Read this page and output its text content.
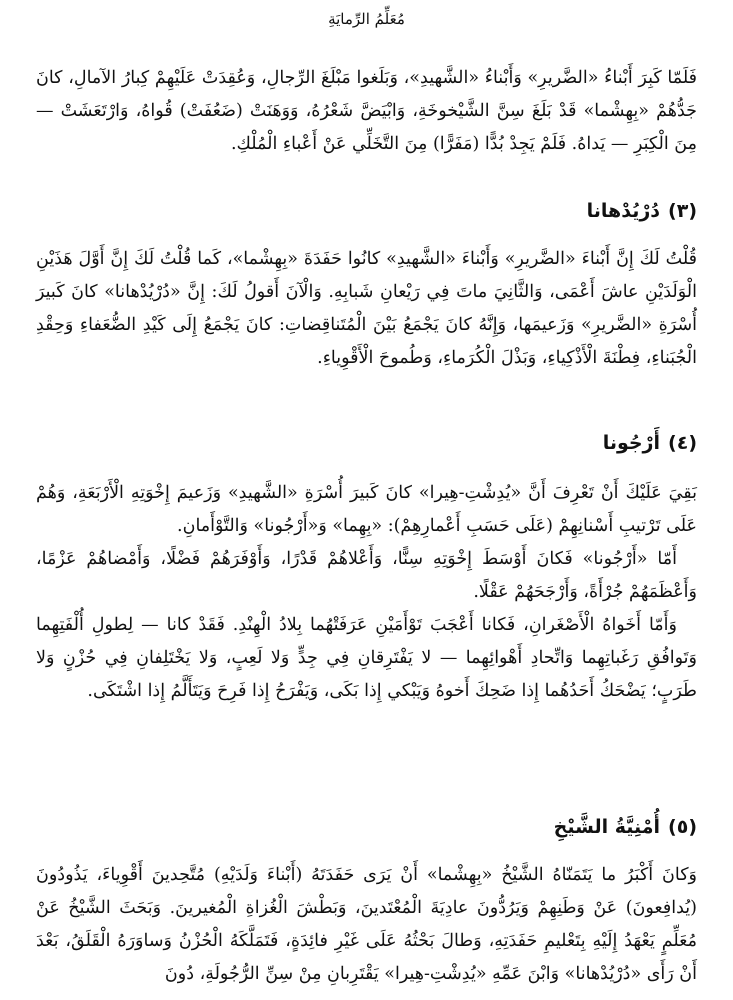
مُعَلِّمُ الرِّمايَةِ

فَلَمّا كَبِرَ أَبْناءُ «الضَّريرِ» وَأَبْناءُ «الشَّهيدِ»، وَبَلَغوا مَبْلَغَ الرِّجالِ، وَعُقِدَتْ عَلَيْهِمْ كِبارُ الآمالِ، كانَ جَدُّهُمْ «بِهِشْما» قَدْ بَلَغَ سِنَّ الشَّيْخوخَةِ، وَابْيَضَّ شَعْرُهُ، وَوَهَنَتْ (ضَعُفَتْ) قُواهُ، وَارْتَعَشَتْ — مِنَ الْكِبَرِ — يَداهُ. فَلَمْ يَجِدْ بُدًّا (مَفَرًّا) مِنَ التَّخَلِّي عَنْ أَعْباءِ الْمُلْكِ.

(٣)دُرْيُدْهانا

قُلْتُ لَكَ إِنَّ أَبْناءَ «الضَّريرِ» وَأَبْناءَ «الشَّهيدِ» كانُوا حَفَدَةَ «بِهِشْما»، كَما قُلْتُ لَكَ إِنَّ أَوَّلَ هَذَيْنِ الْوَلَدَيْنِ عاشَ أَعْمَى، وَالثَّانِيَ ماتَ فِي رَيْعانِ شَبابِهِ. وَالْآنَ أَقولُ لَكَ: إِنَّ «دُرْيُدْهانا» كانَ كَبيرَ أُسْرَةِ «الضَّريرِ» وَزَعيمَها، وَإِنَّهُ كانَ يَجْمَعُ بَيْنَ الْمُتَناقِضاتِ: كانَ يَجْمَعُ إِلَى كَيْدِ الضُّعَفاءِ وَحِقْدِ الْجُبَناءِ، فِطْنَةَ الْأَذْكِياءِ، وَبَذْلَ الْكُرَماءِ، وَطُموحَ الْأَقْوِياءِ.

(٤)أَرْجُونا

بَقِيَ عَلَيْكَ أَنْ تَعْرِفَ أَنَّ «يُدِشْتِ-هِيرا» كانَ كَبيرَ أُسْرَةِ «الشَّهيدِ» وَزَعيمَ إِخْوَتِهِ الْأَرْبَعَةِ، وَهُمْ عَلَى تَرْتيبِ أَسْنانِهِمْ (عَلَى حَسَبِ أَعْمارِهِمْ): «بِهِما» وَ«أَرْجُونا» وَالتَّوْأَمانِ.

أَمّا «أَرْجُونا» فَكانَ أَوْسَطَ إِخْوَتِهِ سِنًّا، وَأَعْلاهُمْ قَدْرًا، وَأَوْفَرَهُمْ فَضْلًا، وَأَمْضاهُمْ عَزْمًا، وَأَعْظَمَهُمْ جُرْأَةً، وَأَرْجَحَهُمْ عَقْلًا.

وَأَمّا أَخَواهُ الْأَصْغَرانِ، فَكانا أَعْجَبَ تَوْأَمَيْنِ عَرَفَتْهُما بِلادُ الْهِنْدِ. فَقَدْ كانا — لِطولِ أُلْفَتِهِما وَتَوافُقِ رَغَباتِهِما وَاتِّحادِ أَهْوائِهِما — لا يَفْتَرِقانِ فِي جِدٍّ وَلا لَعِبٍ، وَلا يَخْتَلِفانِ فِي حُزْنٍ وَلا طَرَبٍ؛ يَضْحَكُ أَحَدُهُما إِذا ضَحِكَ أَخوهُ وَيَبْكي إِذا بَكَى، وَيَفْرَحُ إِذا فَرِحَ وَيَتَأَلَّمُ إِذا اشْتَكَى.

(٥)أُمْنِيَّةُ الشَّيْخِ

وَكانَ أَكْبَرُ ما يَتَمَنّاهُ الشَّيْخُ «بِهِشْما» أَنْ يَرَى حَفَدَتَهُ (أَبْناءَ وَلَدَيْهِ) مُتَّحِدينَ أَقْوِياءَ، يَذُودُونَ (يُدافِعونَ) عَنْ وَطَنِهِمْ وَيَرُدُّونَ عادِيَةَ الْمُعْتَدينَ، وَبَطْشَ الْغُزاةِ الْمُغيرينَ. وَبَحَثَ الشَّيْخُ عَنْ مُعَلِّمٍ يَعْهَدُ إِلَيْهِ بِتَعْليمِ حَفَدَتِهِ، وَطالَ بَحْثُهُ عَلَى غَيْرِ فائِدَةٍ، فَتَمَلَّكَهُ الْحُزْنُ وَساوَرَهُ الْقَلَقُ، بَعْدَ أَنْ رَأَى «دُرْيُدْهانا» وَابْنَ عَمِّهِ «يُدِشْتِ-هِيرا» يَقْتَرِبانِ مِنْ سِنِّ الرُّجُولَةِ، دُونَ
